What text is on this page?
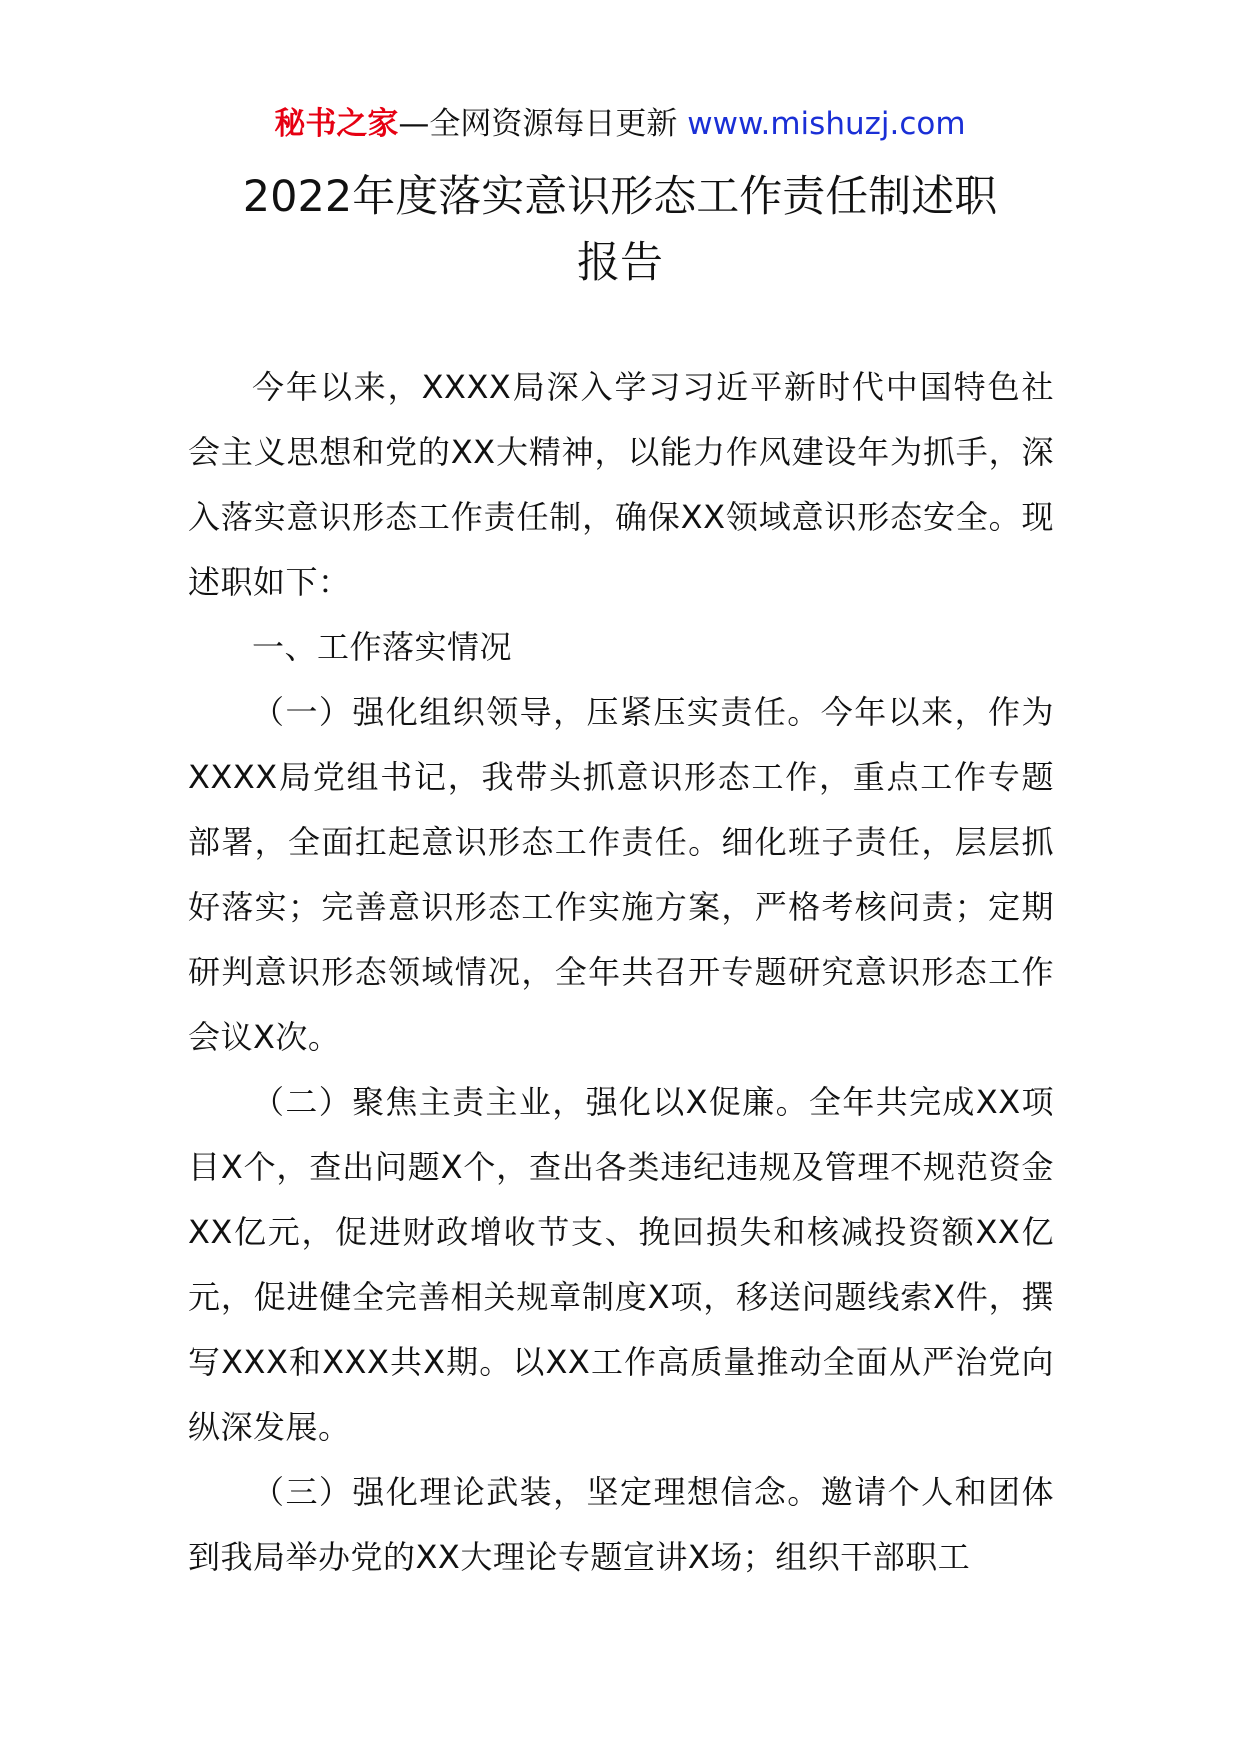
秘书之家—全网资源每日更新 www.mishuzj.com
2022年度落实意识形态工作责任制述职
报告

今年以来，XXXX局深入学习习近平新时代中国特色社会主义思想和党的XX大精神，以能力作风建设年为抓手，深入落实意识形态工作责任制，确保XX领域意识形态安全。现述职如下：

一、工作落实情况

（一）强化组织领导，压紧压实责任。今年以来，作为XXXX局党组书记，我带头抓意识形态工作，重点工作专题部署，全面扛起意识形态工作责任。细化班子责任，层层抓好落实；完善意识形态工作实施方案，严格考核问责；定期研判意识形态领域情况，全年共召开专题研究意识形态工作会议X次。

（二）聚焦主责主业，强化以X促廉。全年共完成XX项目X个，查出问题X个，查出各类违纪违规及管理不规范资金XX亿元，促进财政增收节支、挽回损失和核减投资额XX亿元，促进健全完善相关规章制度X项，移送问题线索X件，撰写XXX和XXX共X期。以XX工作高质量推动全面从严治党向纵深发展。

（三）强化理论武装，坚定理想信念。邀请个人和团体到我局举办党的XX大理论专题宣讲X场；组织干部职工
